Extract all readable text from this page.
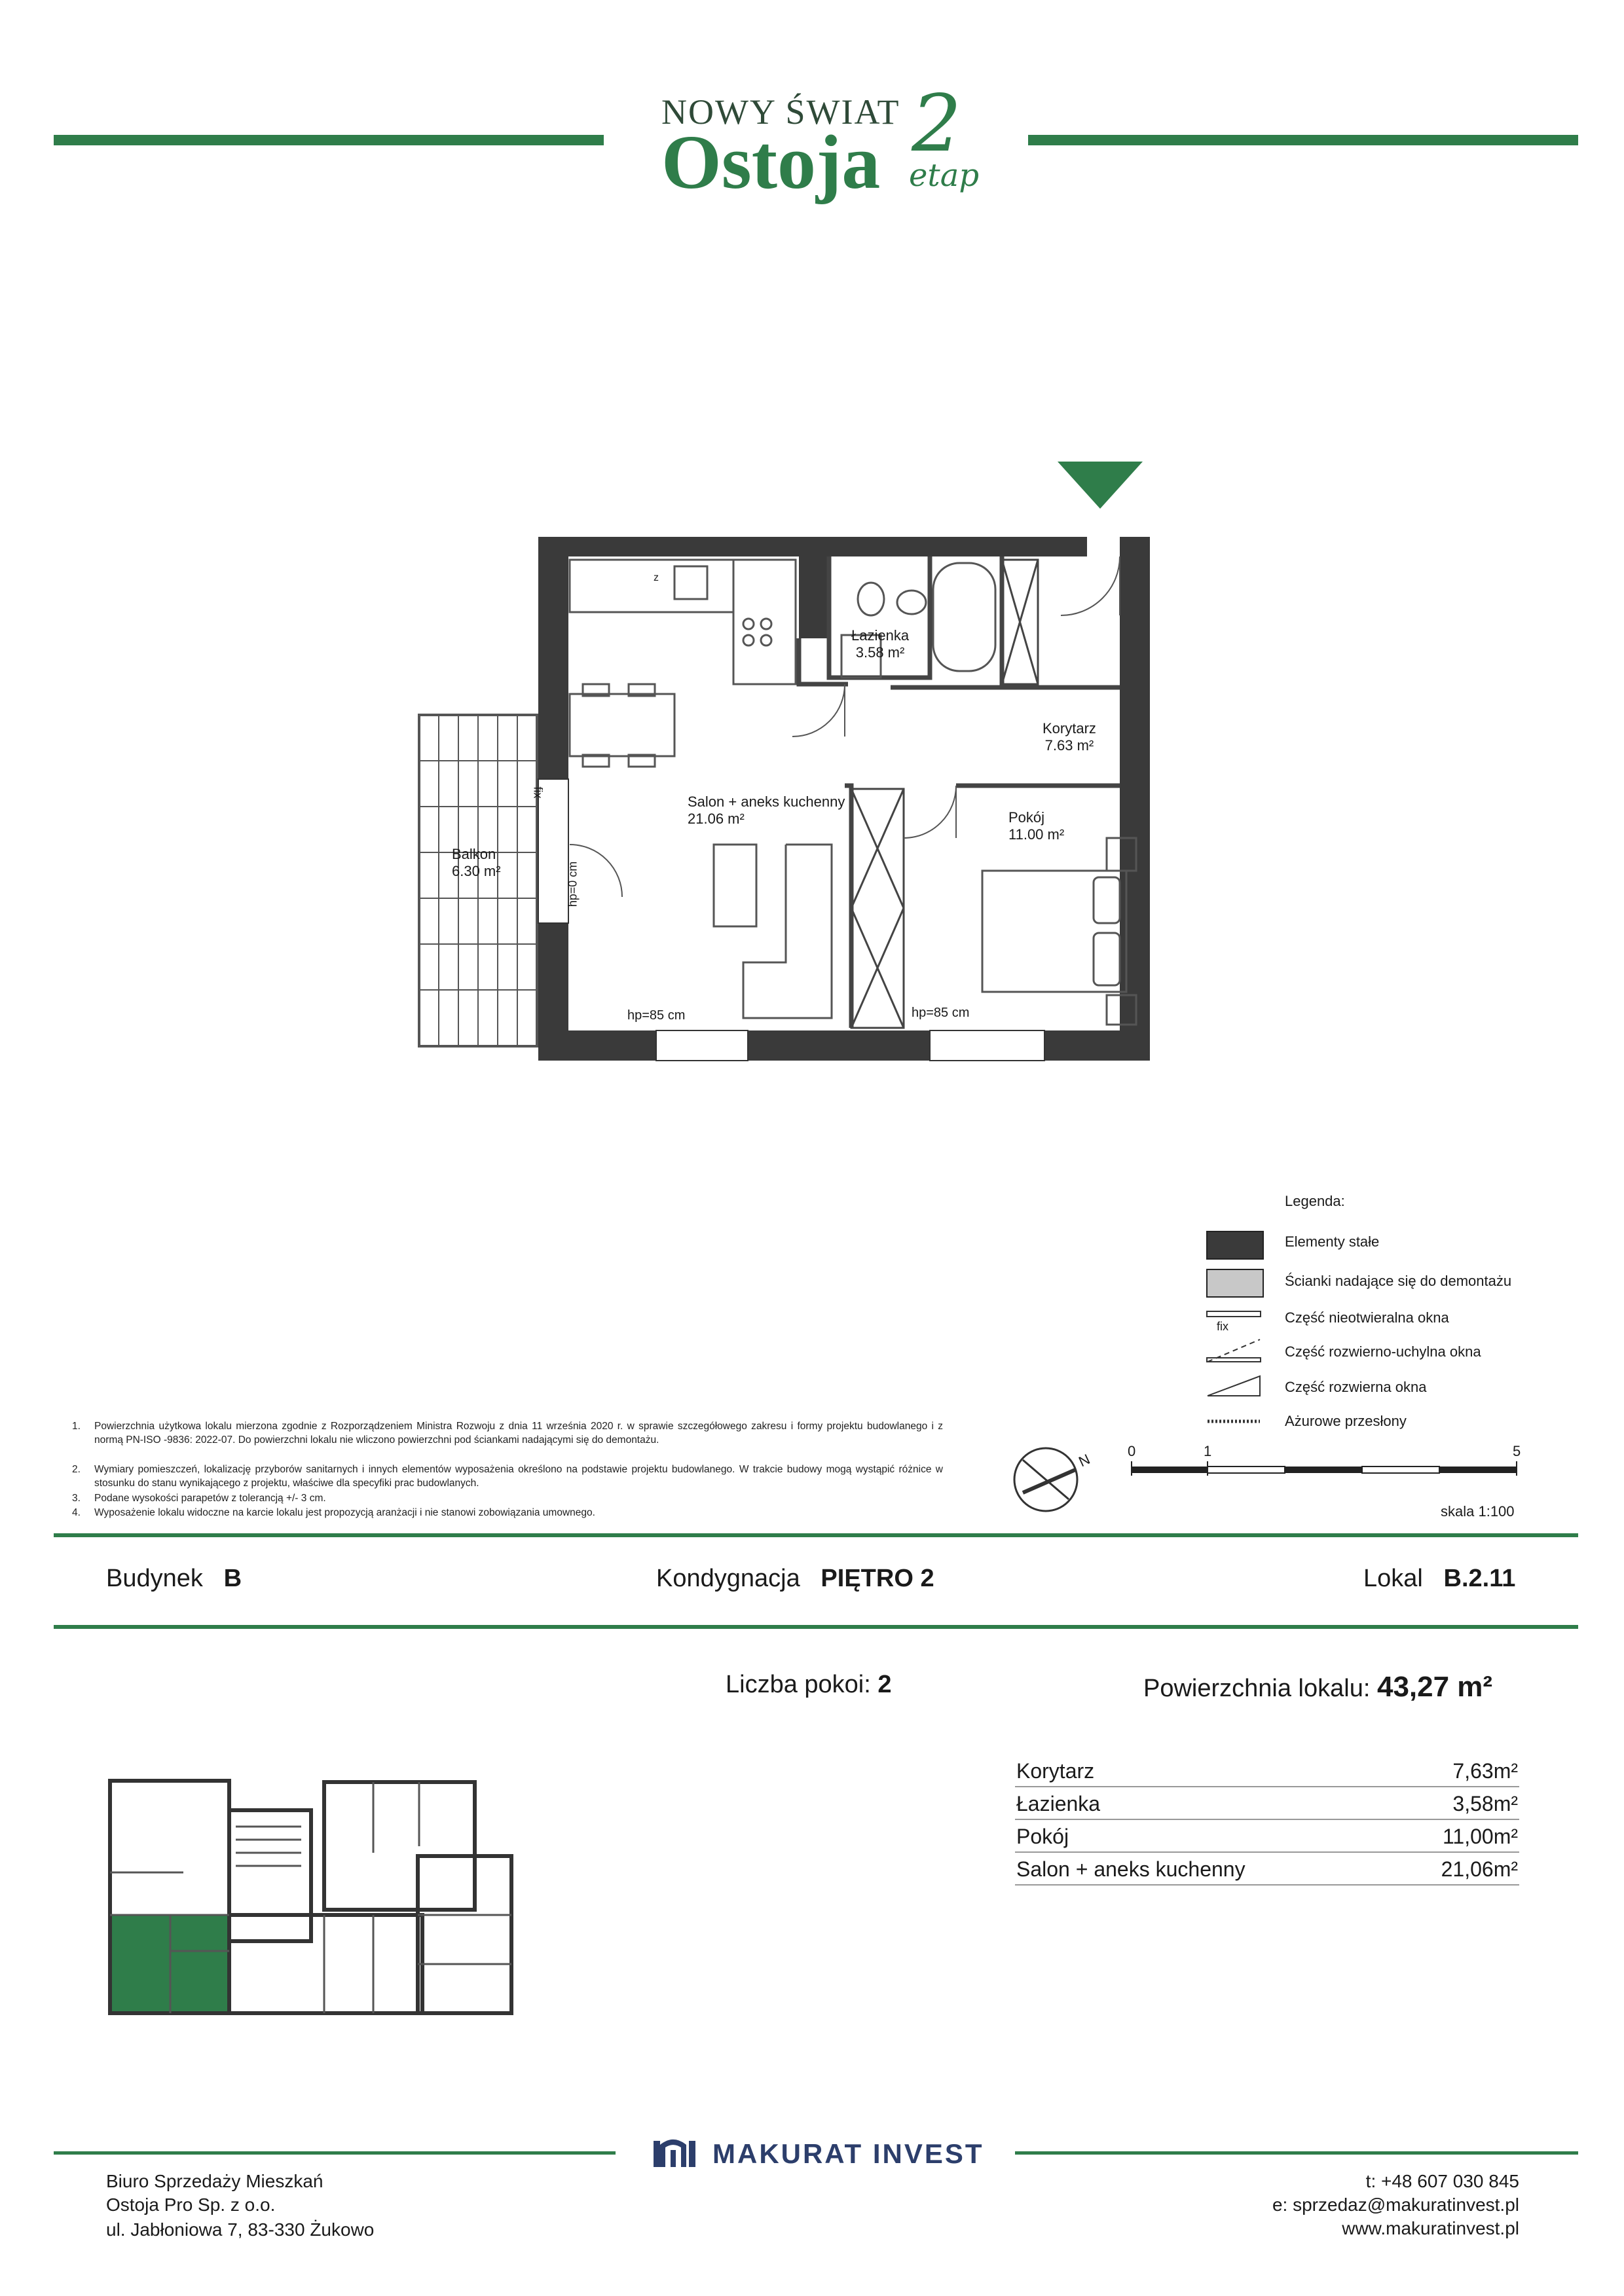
NOWY ŚWIAT
Ostoja 2
etap
Łazienka
3.58 m²
Korytarz
7.63 m²
Salon + aneks kuchenny
21.06 m²	Pokój
11.00 m²
Balkon
6.30 m²
hp=85 cm	hp=85 cm
hp=0 cm
fix
z
Legenda:
Elementy stałe
Ścianki nadające się do demontażu
fix
Część nieotwieralna okna
Część rozwierno-uchylna okna
Część rozwierna okna
Ażurowe przesłony
1. Powierzchnia użytkowa lokalu mierzona zgodnie z Rozporządzeniem Ministra Rozwoju z dnia 11 września 2020 r. w sprawie szczegółowego zakresu i formy projektu budowlanego i z normą PN-ISO -9836: 2022-07. Do powierzchni lokalu nie wliczono powierzchni pod ściankami nadającymi się do demontażu.
2. Wymiary pomieszczeń, lokalizację przyborów sanitarnych i innych elementów wyposażenia określono na podstawie projektu budowlanego. W trakcie budowy mogą wystąpić różnice w stosunku do stanu wynikającego z projektu, właściwe dla specyfiki prac budowlanych.
3. Podane wysokości parapetów z tolerancją +/- 3 cm.
4. Wyposażenie lokalu widoczne na karcie lokalu jest propozycją aranżacji i nie stanowi zobowiązania umownego.
N 0	1	5
skala 1:100
Budynek B	Kondygnacja PIĘTRO 2	Lokal B.2.11
Liczba pokoi: 2	Powierzchnia lokalu: 43,27 m²
Korytarz	7,63m²
Łazienka	3,58m²
Pokój	11,00m²
Salon + aneks kuchenny	21,06m²
MAKURAT INVEST
Biuro Sprzedaży Mieszkań
Ostoja Pro Sp. z o.o.
ul. Jabłoniowa 7, 83-330 Żukowo
t: +48 607 030 845
e: sprzedaz@makuratinvest.pl
www.makuratinvest.pl
